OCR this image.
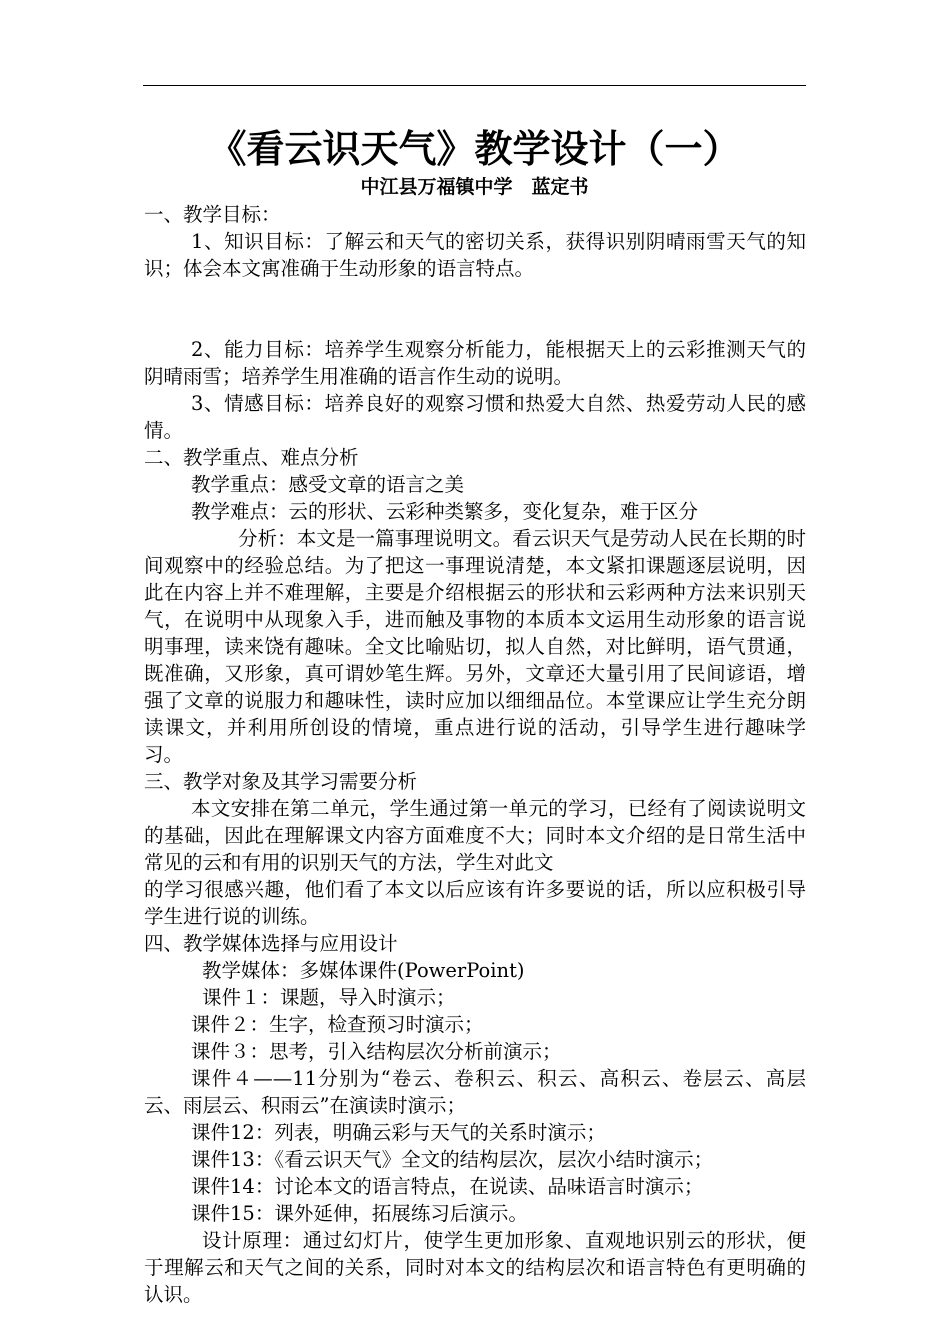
《看云识天气》教学设计（一）
中江县万福镇中学　蓝定书

一、教学目标：

1、知识目标：了解云和天气的密切关系，获得识别阴晴雨雪天气的知识；体会本文寓准确于生动形象的语言特点。

2、能力目标：培养学生观察分析能力，能根据天上的云彩推测天气的阴晴雨雪；培养学生用准确的语言作生动的说明。

3、情感目标：培养良好的观察习惯和热爱大自然、热爱劳动人民的感情。

二、教学重点、难点分析

教学重点：感受文章的语言之美

教学难点：云的形状、云彩种类繁多，变化复杂，难于区分

分析：本文是一篇事理说明文。看云识天气是劳动人民在长期的时间观察中的经验总结。为了把这一事理说清楚，本文紧扣课题逐层说明，因此在内容上并不难理解，主要是介绍根据云的形状和云彩两种方法来识别天气，在说明中从现象入手，进而触及事物的本质本文运用生动形象的语言说明事理，读来饶有趣味。全文比喻贴切，拟人自然，对比鲜明，语气贯通，既准确，又形象，真可谓妙笔生辉。另外，文章还大量引用了民间谚语，增强了文章的说服力和趣味性，读时应加以细细品位。本堂课应让学生充分朗读课文，并利用所创设的情境，重点进行说的活动，引导学生进行趣味学习。

三、教学对象及其学习需要分析

本文安排在第二单元，学生通过第一单元的学习，已经有了阅读说明文的基础，因此在理解课文内容方面难度不大；同时本文介绍的是日常生活中常见的云和有用的识别天气的方法，学生对此文

的学习很感兴趣，他们看了本文以后应该有许多要说的话，所以应积极引导学生进行说的训练。

四、教学媒体选择与应用设计

教学媒体：多媒体课件(PowerPoint)

课件１：课题，导入时演示；

课件２：生字，检查预习时演示；

课件３：思考，引入结构层次分析前演示；

课件４——11分别为“卷云、卷积云、积云、高积云、卷层云、高层云、雨层云、积雨云”在演读时演示；

课件12：列表，明确云彩与天气的关系时演示；

课件13：《看云识天气》全文的结构层次，层次小结时演示；

课件14：讨论本文的语言特点，在说读、品味语言时演示；

课件15：课外延伸，拓展练习后演示。

设计原理：通过幻灯片，使学生更加形象、直观地识别云的形状，便于理解云和天气之间的关系，同时对本文的结构层次和语言特色有更明确的认识。
